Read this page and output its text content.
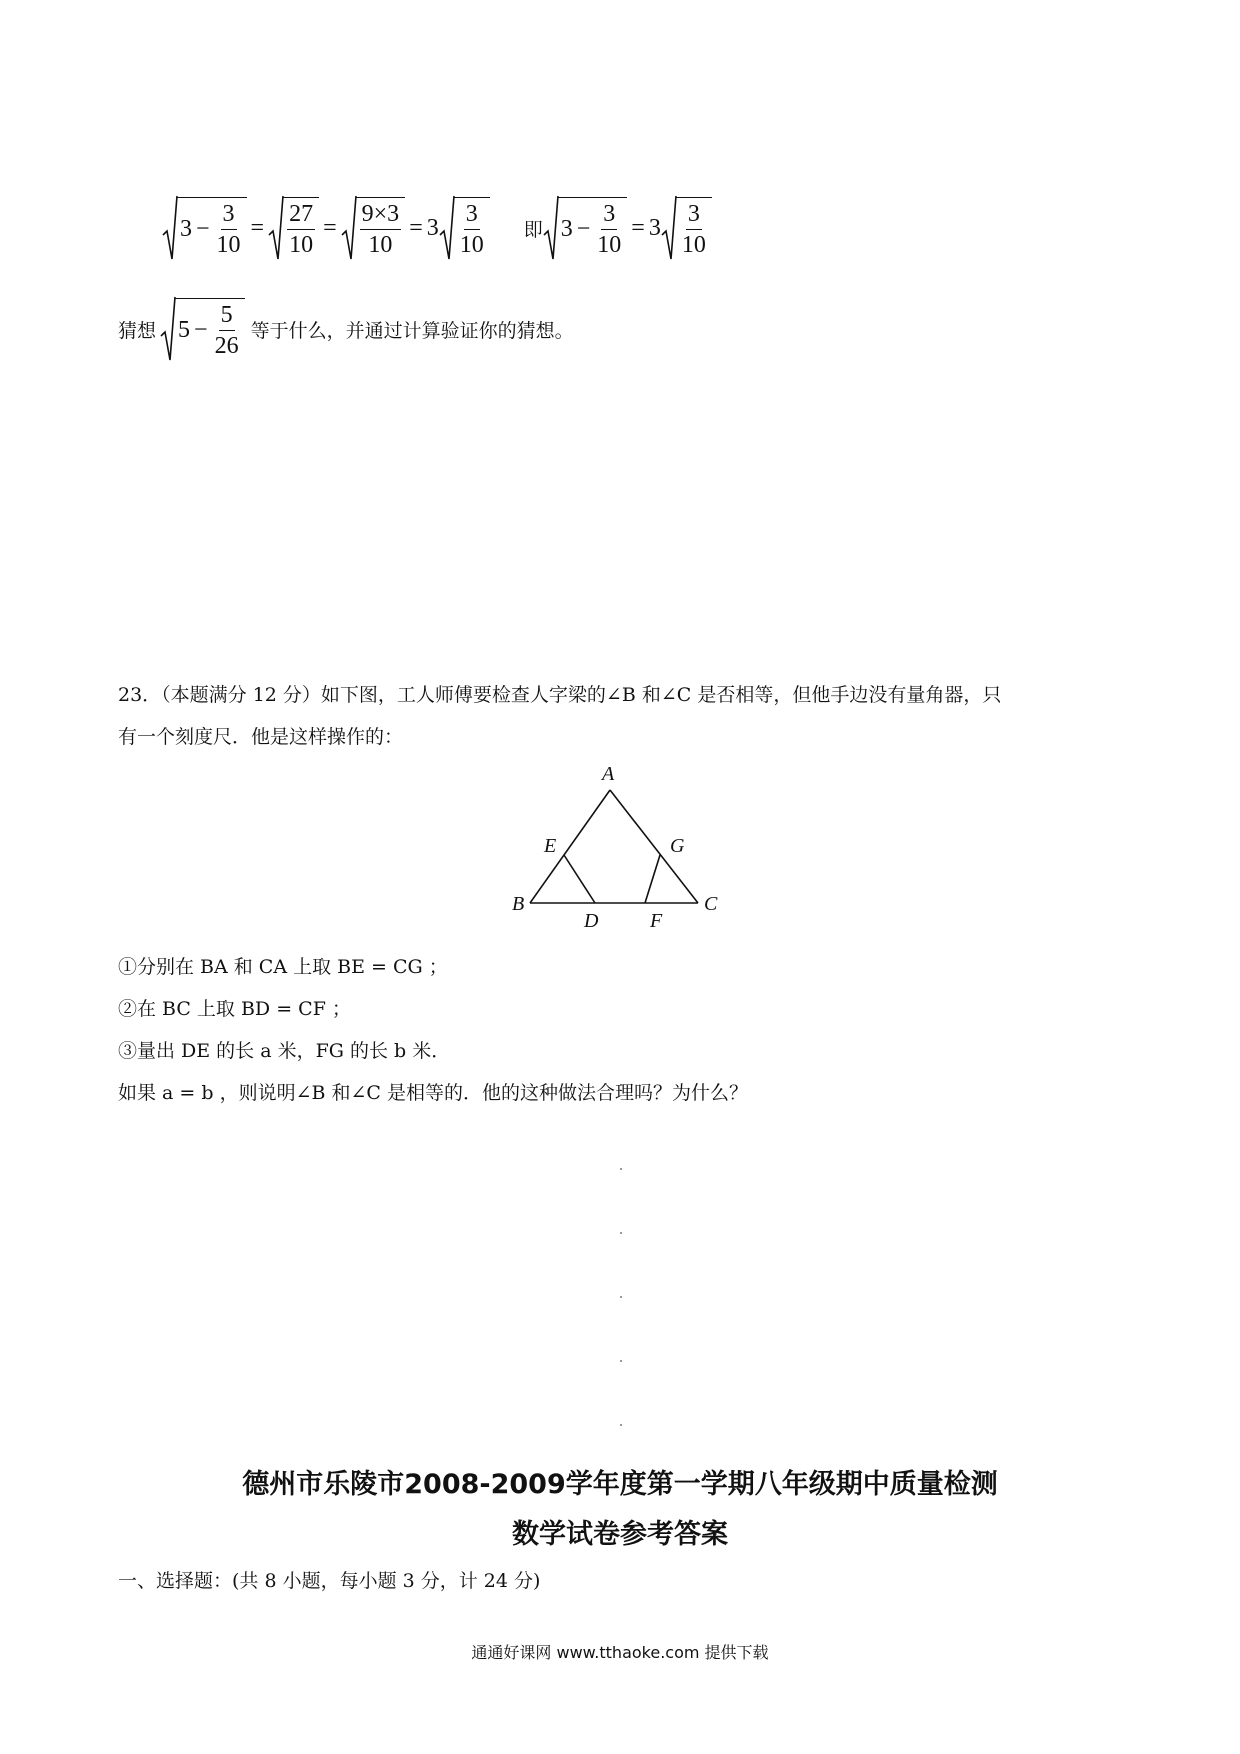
$3 - \frac{3}{10} = \frac{27}{10} = \frac{9\times 3}{10} = 3 \frac{3}{10}$ 即 $3 - \frac{3}{10} = 3 \frac{3}{10}$
猜想 $5 - \frac{5}{26}$ 等于什么，并通过计算验证你的猜想。
23．（本题满分 12 分）如下图，工人师傅要检查人字梁的∠B 和∠C 是否相等，但他手边没有量角器，只
有一个刻度尺．他是这样操作的：
A
B	C
D
E
F
G
①分别在 BA 和 CA 上取 BE = CG ；
②在 BC 上取 BD = CF ；
③量出 DE 的长 a 米，FG 的长 b 米．
如果 a = b ，则说明∠B 和∠C 是相等的．他的这种做法合理吗？为什么？
德州市乐陵市2008-2009学年度第一学期八年级期中质量检测
数学试卷参考答案
一、选择题：(共 8 小题，每小题 3 分，计 24 分)
通通好课网 www.tthaoke.com 提供下载
